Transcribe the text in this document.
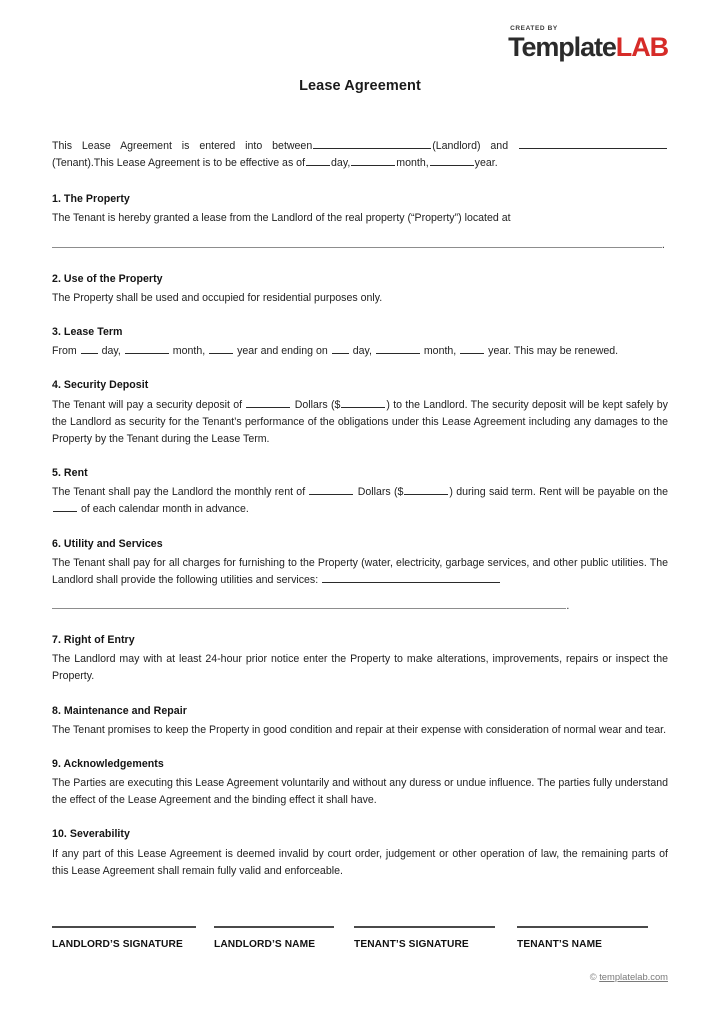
CREATED BY
TemplateLAB
Lease Agreement

This Lease Agreement is entered into between	(Landlord) and (Tenant).This Lease Agreement is to be effective as of day,	month,	year.

1. The Property

The Tenant is hereby granted a lease from the Landlord of the real property (“Property”) located at

.
2. Use of the Property

The Property shall be used and occupied for residential purposes only.

3. Lease Term

From day,	month,	year and ending on day,	month,	year. This may be renewed.

4. Security Deposit

The Tenant will pay a security deposit of	Dollars ($	) to the Landlord. The security deposit will be kept safely by the Landlord as security for the Tenant’s performance of the obligations under this Lease Agreement including any damages to the Property by the Tenant during the Lease Term.

5. Rent

The Tenant shall pay the Landlord the monthly rent of	Dollars ($	) during said term. Rent will be payable on the  of each calendar month in advance.

6. Utility and Services

The Tenant shall pay for all charges for furnishing to the Property (water, electricity, garbage services, and other public utilities. The Landlord shall provide the following utilities and services:

.
7. Right of Entry

The Landlord may with at least 24-hour prior notice enter the Property to make alterations, improvements, repairs or inspect the Property.

8. Maintenance and Repair

The Tenant promises to keep the Property in good condition and repair at their expense with consideration of normal wear and tear.

9. Acknowledgements

The Parties are executing this Lease Agreement voluntarily and without any duress or undue influence. The parties fully understand the effect of the Lease Agreement and the binding effect it shall have.

10. Severability

If any part of this Lease Agreement is deemed invalid by court order, judgement or other operation of law, the remaining parts of this Lease Agreement shall remain fully valid and enforceable.

LANDLORD’S SIGNATURE	LANDLORD’S NAME	TENANT’S SIGNATURE	TENANT’S NAME
© templatelab.com
